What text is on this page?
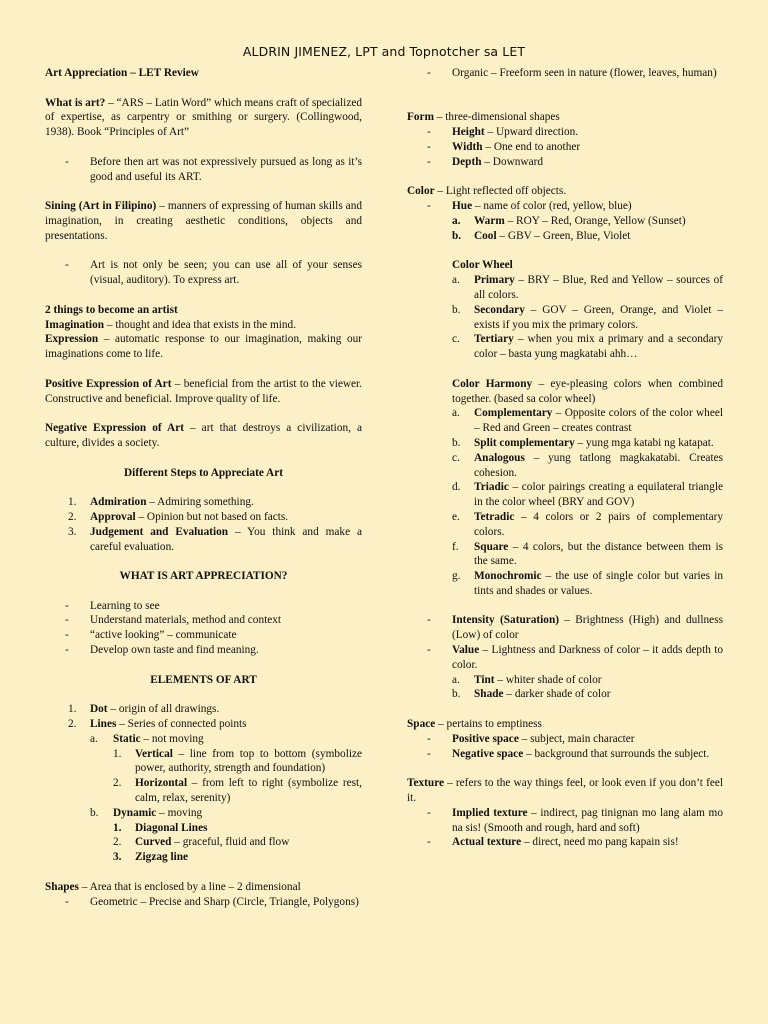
ALDRIN JIMENEZ, LPT and Topnotcher sa LET

Art Appreciation – LET Review

What is art? – “ARS – Latin Word” which means craft of specialized of expertise, as carpentry or smithing or surgery. (Collingwood, 1938). Book “Principles of Art”

- Before then art was not expressively pursued as long as it’s good and useful its ART.

Sining (Art in Filipino) – manners of expressing of human skills and imagination, in creating aesthetic conditions, objects and presentations.

- Art is not only be seen; you can use all of your senses (visual, auditory). To express art.

2 things to become an artist

Imagination – thought and idea that exists in the mind.

Expression – automatic response to our imagination, making our imaginations come to life.

Positive Expression of Art – beneficial from the artist to the viewer. Constructive and beneficial. Improve quality of life.

Negative Expression of Art – art that destroys a civilization, a culture, divides a society.

Different Steps to Appreciate Art

1. Admiration – Admiring something.
2. Approval – Opinion but not based on facts.
3. Judgement and Evaluation – You think and make a careful evaluation.

WHAT IS ART APPRECIATION?

- Learning to see
- Understand materials, method and context
- “active looking” – communicate
- Develop own taste and find meaning.

ELEMENTS OF ART

1. Dot – origin of all drawings.
2. Lines – Series of connected points
a. Static – not moving
1. Vertical – line from top to bottom (symbolize power, authority, strength and foundation)
2. Horizontal – from left to right (symbolize rest, calm, relax, serenity)
b. Dynamic – moving
1. Diagonal Lines
2. Curved – graceful, fluid and flow
3. Zigzag line

Shapes – Area that is enclosed by a line – 2 dimensional

- Geometric – Precise and Sharp (Circle, Triangle, Polygons)
- Organic – Freeform seen in nature (flower, leaves, human)

Form – three-dimensional shapes

- Height – Upward direction.
- Width – One end to another
- Depth – Downward

Color – Light reflected off objects.

- Hue – name of color (red, yellow, blue)
a. Warm – ROY – Red, Orange, Yellow (Sunset)
b. Cool – GBV – Green, Blue, Violet

Color Wheel

a. Primary – BRY – Blue, Red and Yellow – sources of all colors.
b. Secondary – GOV – Green, Orange, and Violet – exists if you mix the primary colors.
c. Tertiary – when you mix a primary and a secondary color – basta yung magkatabi ahh…

Color Harmony – eye-pleasing colors when combined together. (based sa color wheel)

a. Complementary – Opposite colors of the color wheel – Red and Green – creates contrast
b. Split complementary – yung mga katabi ng katapat.
c. Analogous – yung tatlong magkakatabi. Creates cohesion.
d. Triadic – color pairings creating a equilateral triangle in the color wheel (BRY and GOV)
e. Tetradic – 4 colors or 2 pairs of complementary colors.
f. Square – 4 colors, but the distance between them is the same.
g. Monochromic – the use of single color but varies in tints and shades or values.
- Intensity (Saturation) – Brightness (High) and dullness (Low) of color
- Value – Lightness and Darkness of color – it adds depth to color.
a. Tint – whiter shade of color
b. Shade – darker shade of color

Space – pertains to emptiness

- Positive space – subject, main character
- Negative space – background that surrounds the subject.

Texture – refers to the way things feel, or look even if you don’t feel it.

- Implied texture – indirect, pag tinignan mo lang alam mo na sis! (Smooth and rough, hard and soft)
- Actual texture – direct, need mo pang kapain sis!
